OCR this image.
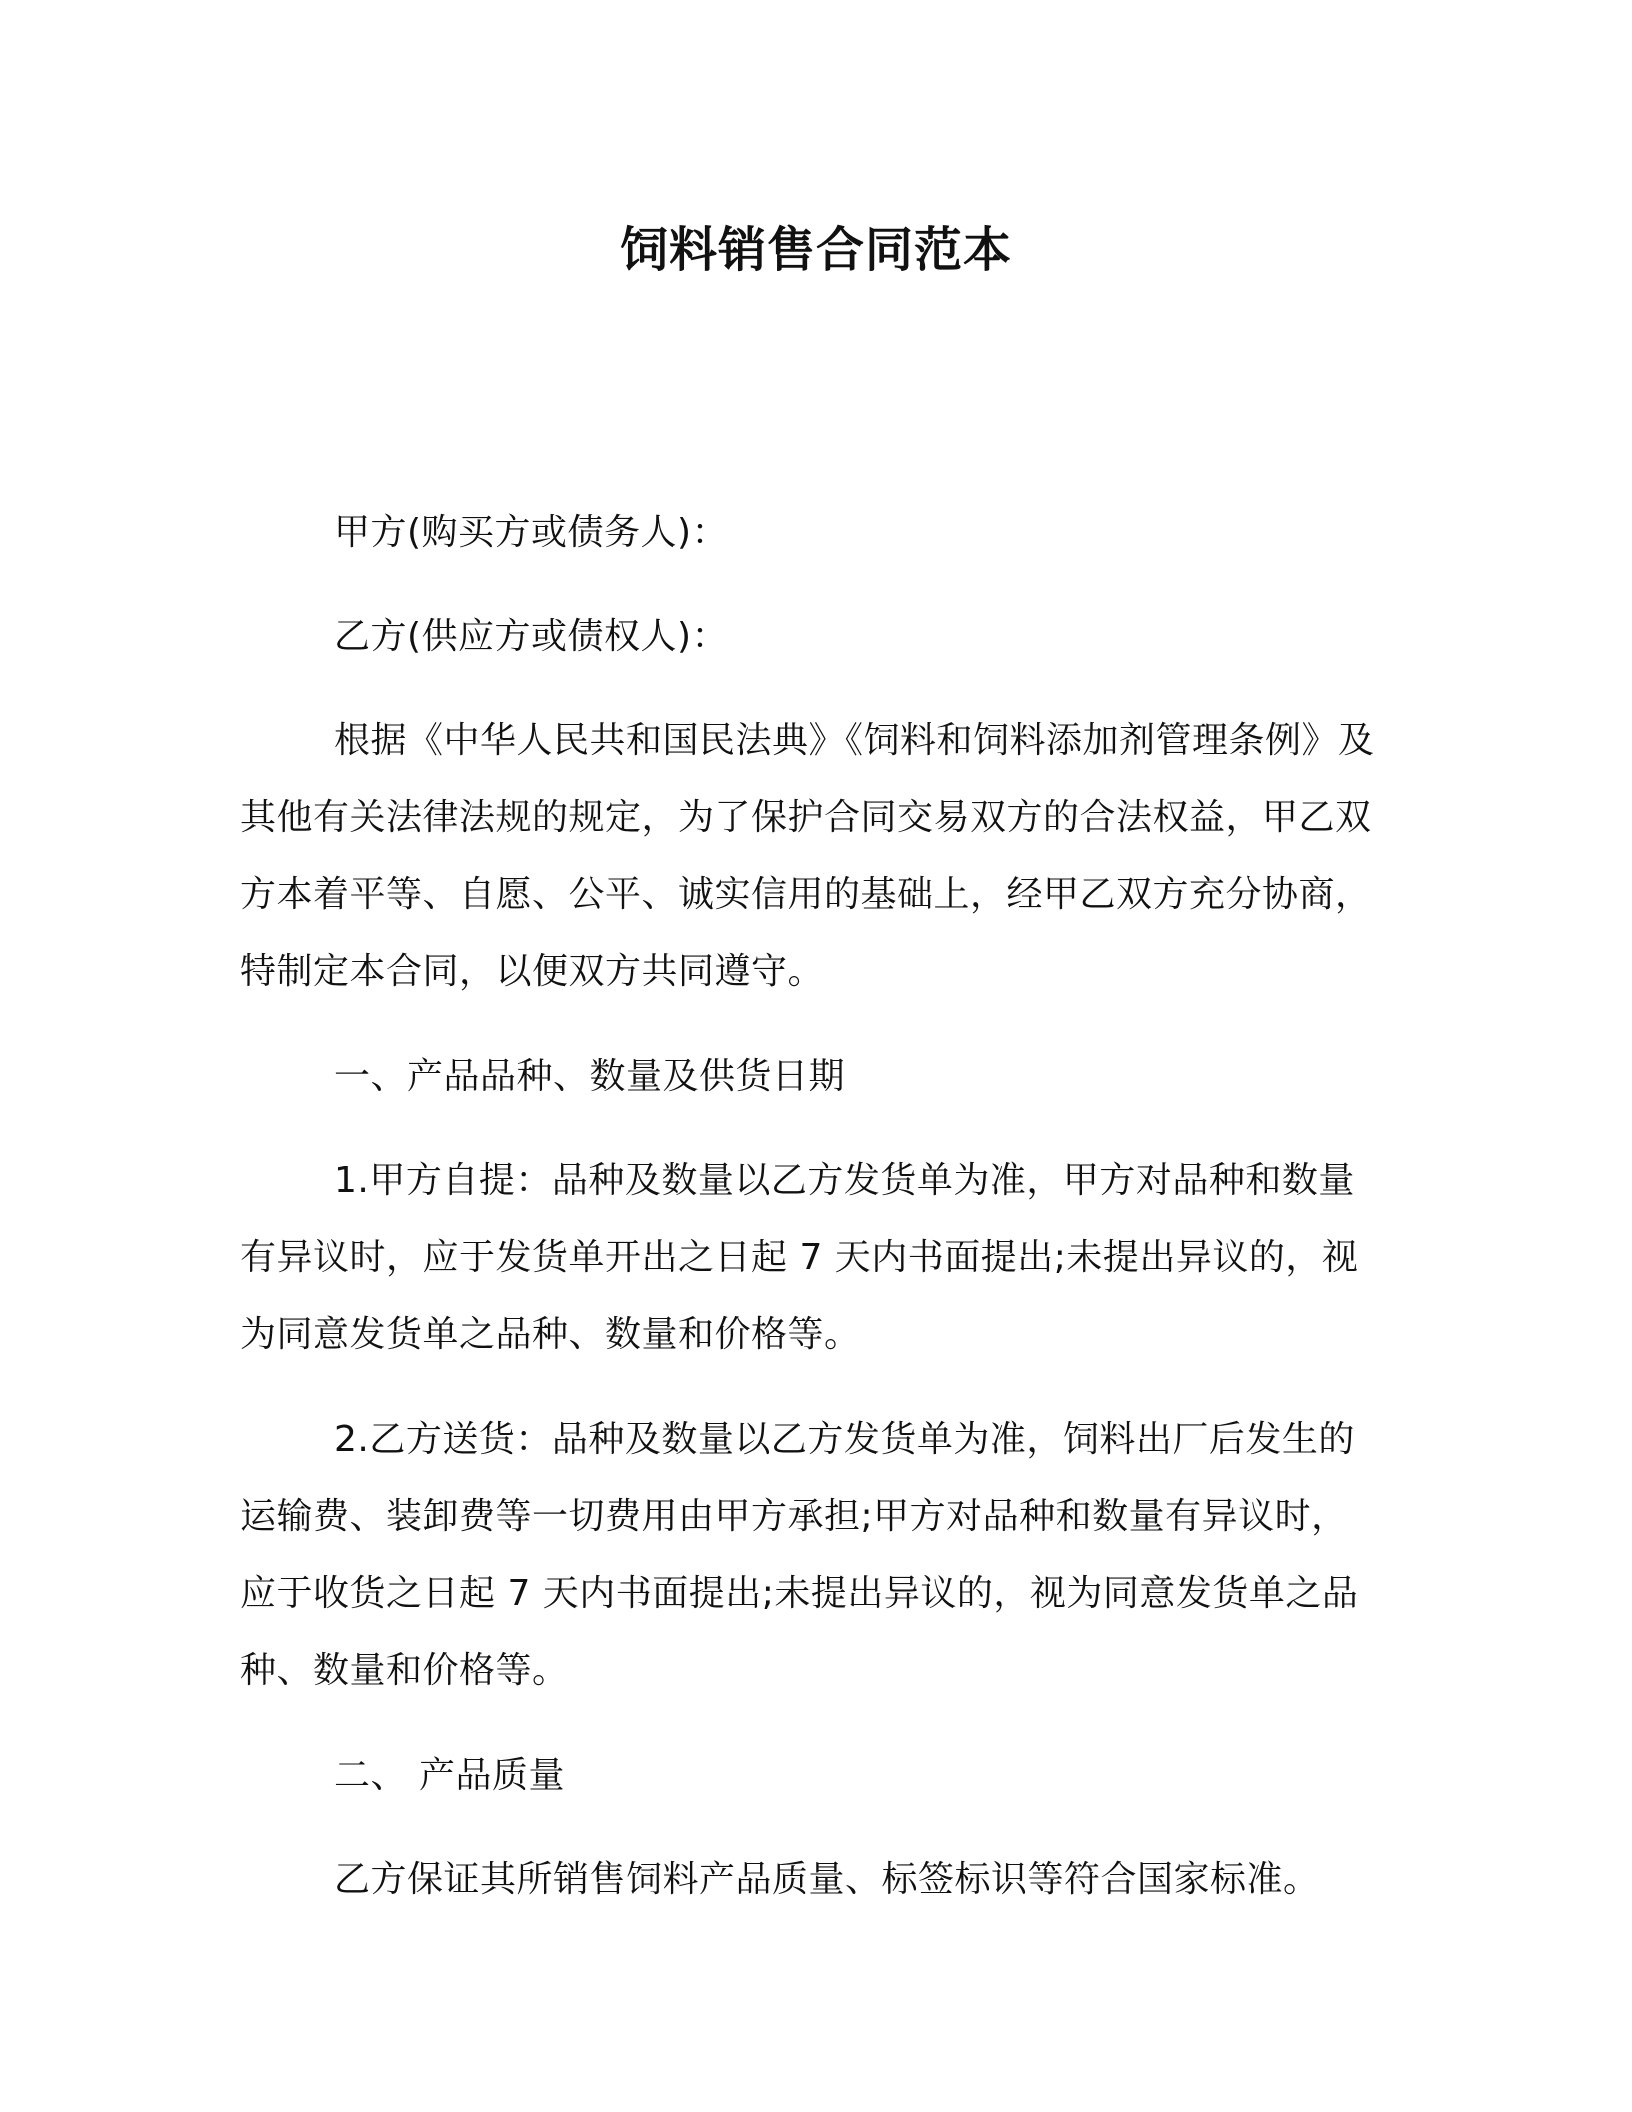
饲料销售合同范本

甲方(购买方或债务人)：

乙方(供应方或债权人)：

根据《中华人民共和国民法典》《饲料和饲料添加剂管理条例》及其他有关法律法规的规定，为了保护合同交易双方的合法权益，甲乙双方本着平等、自愿、公平、诚实信用的基础上，经甲乙双方充分协商，特制定本合同，以便双方共同遵守。

一、产品品种、数量及供货日期

1.甲方自提：品种及数量以乙方发货单为准，甲方对品种和数量有异议时，应于发货单开出之日起 7 天内书面提出;未提出异议的，视为同意发货单之品种、数量和价格等。

2.乙方送货：品种及数量以乙方发货单为准，饲料出厂后发生的运输费、装卸费等一切费用由甲方承担;甲方对品种和数量有异议时，应于收货之日起 7 天内书面提出;未提出异议的，视为同意发货单之品种、数量和价格等。

二、 产品质量

乙方保证其所销售饲料产品质量、标签标识等符合国家标准。
